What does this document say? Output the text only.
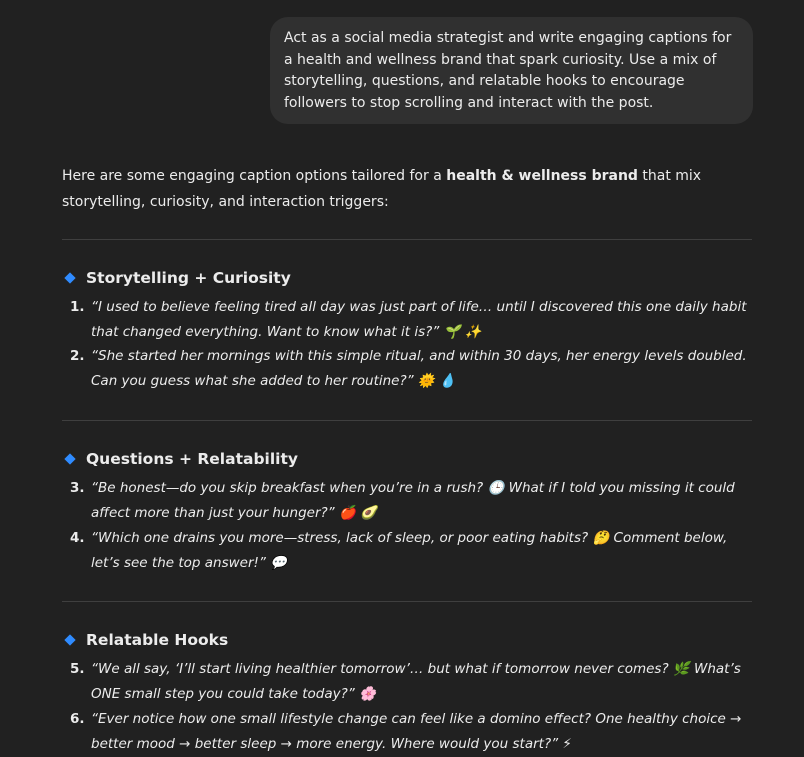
Act as a social media strategist and write engaging captions for a health and wellness brand that spark curiosity. Use a mix of storytelling, questions, and relatable hooks to encourage followers to stop scrolling and interact with the post.
Here are some engaging caption options tailored for a health & wellness brand that mix storytelling, curiosity, and interaction triggers:
Storytelling + Curiosity
1. “I used to believe feeling tired all day was just part of life… until I discovered this one daily habit that changed everything. Want to know what it is?” 🌱 ✨
2. “She started her mornings with this simple ritual, and within 30 days, her energy levels doubled. Can you guess what she added to her routine?” 🌞 💧
Questions + Relatability
3. “Be honest—do you skip breakfast when you’re in a rush? 🕒 What if I told you missing it could affect more than just your hunger?” 🍎 🥑
4. “Which one drains you more—stress, lack of sleep, or poor eating habits? 🤔 Comment below, let’s see the top answer!” 💬
Relatable Hooks
5. “We all say, ‘I’ll start living healthier tomorrow’… but what if tomorrow never comes? 🌿 What’s ONE small step you could take today?” 🌸
6. “Ever notice how one small lifestyle change can feel like a domino effect? One healthy choice → better mood → better sleep → more energy. Where would you start?” ⚡
